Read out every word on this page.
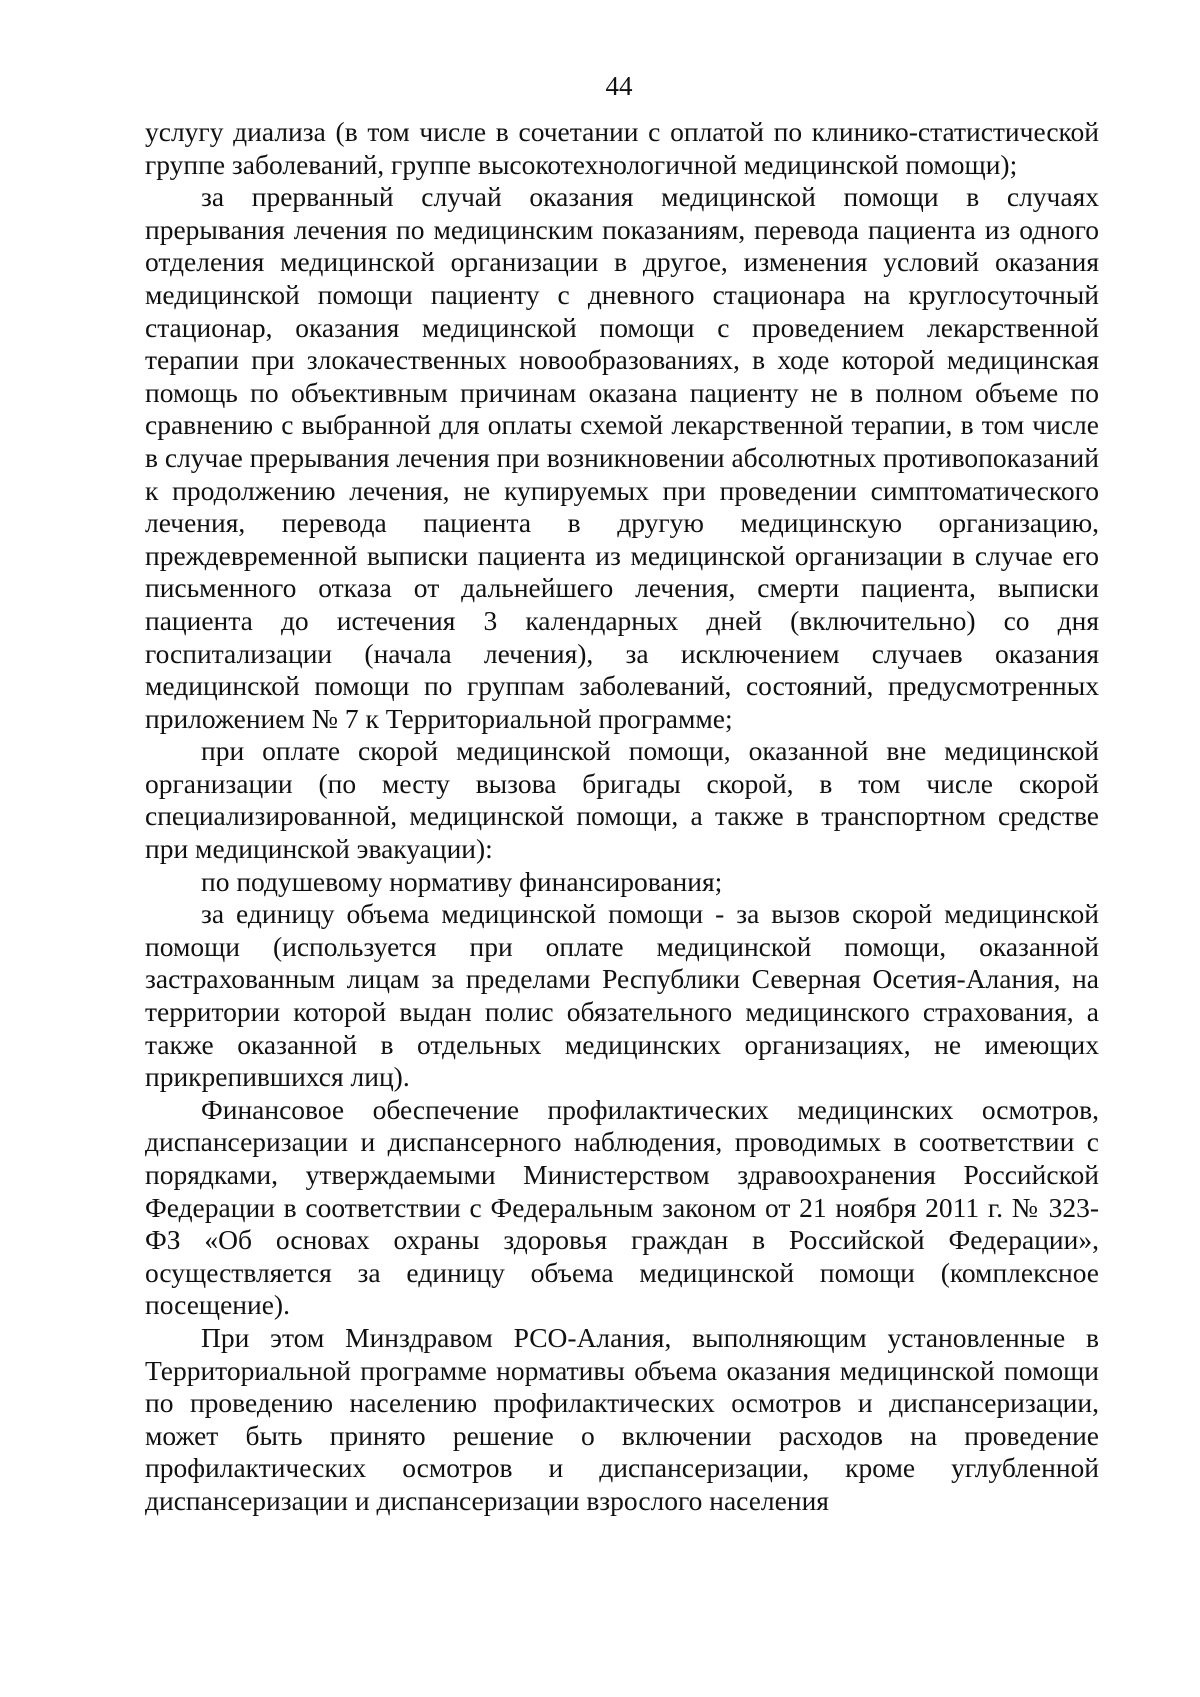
44

услугу диализа (в том числе в сочетании с оплатой по клинико-статистической группе заболеваний, группе высокотехнологичной медицинской помощи);

за прерванный случай оказания медицинской помощи в случаях прерывания лечения по медицинским показаниям, перевода пациента из одного отделения медицинской организации в другое, изменения условий оказания медицинской помощи пациенту с дневного стационара на круглосуточный стационар, оказания медицинской помощи с проведением лекарственной терапии при злокачественных новообразованиях, в ходе которой медицинская помощь по объективным причинам оказана пациенту не в полном объеме по сравнению с выбранной для оплаты схемой лекарственной терапии, в том числе в случае прерывания лечения при возникновении абсолютных противопоказаний к продолжению лечения, не купируемых при проведении симптоматического лечения, перевода пациента в другую медицинскую организацию, преждевременной выписки пациента из медицинской организации в случае его письменного отказа от дальнейшего лечения, смерти пациента, выписки пациента до истечения 3 календарных дней (включительно) со дня госпитализации (начала лечения), за исключением случаев оказания медицинской помощи по группам заболеваний, состояний, предусмотренных приложением № 7 к Территориальной программе;

при оплате скорой медицинской помощи, оказанной вне медицинской организации (по месту вызова бригады скорой, в том числе скорой специализированной, медицинской помощи, а также в транспортном средстве при медицинской эвакуации):

по подушевому нормативу финансирования;

за единицу объема медицинской помощи - за вызов скорой медицинской помощи (используется при оплате медицинской помощи, оказанной застрахованным лицам за пределами Республики Северная Осетия-Алания, на территории которой выдан полис обязательного медицинского страхования, а также оказанной в отдельных медицинских организациях, не имеющих прикрепившихся лиц).

Финансовое обеспечение профилактических медицинских осмотров, диспансеризации и диспансерного наблюдения, проводимых в соответствии с порядками, утверждаемыми Министерством здравоохранения Российской Федерации в соответствии с Федеральным законом от 21 ноября 2011 г. № 323-ФЗ «Об основах охраны здоровья граждан в Российской Федерации», осуществляется за единицу объема медицинской помощи (комплексное посещение).

При этом Минздравом РСО-Алания, выполняющим установленные в Территориальной программе нормативы объема оказания медицинской помощи по проведению населению профилактических осмотров и диспансеризации, может быть принято решение о включении расходов на проведение профилактических осмотров и диспансеризации, кроме углубленной диспансеризации и диспансеризации взрослого населения
